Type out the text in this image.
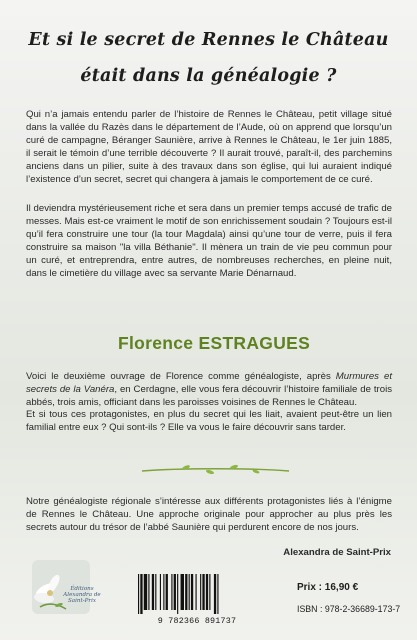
Et si le secret de Rennes le Château
était dans la généalogie ?

Qui n’a jamais entendu parler de l’histoire de Rennes le Château, petit village situé dans la vallée du Razès dans le département de l’Aude, où on apprend que lorsqu’un curé de campagne, Béranger Saunière, arrive à Rennes le Château, le 1er juin 1885, il serait le témoin d’une terrible découverte ? Il aurait trouvé, paraît-il, des parchemins anciens dans un pilier, suite à des travaux dans son église, qui lui auraient indiqué l’existence d’un secret, secret qui changera à jamais le comportement de ce curé.

Il deviendra mystérieusement riche et sera dans un premier temps accusé de trafic de messes. Mais est-ce vraiment le motif de son enrichissement soudain ? Toujours est-il qu’il fera construire une tour (la tour Magdala) ainsi qu’une tour de verre, puis il fera construire sa maison "la villa Béthanie". Il mènera un train de vie peu commun pour un curé, et entreprendra, entre autres, de nombreuses recherches, en pleine nuit, dans le cimetière du village avec sa servante Marie Dénarnaud.

Florence ESTRAGUES

Voici le deuxième ouvrage de Florence comme généalogiste, après Murmures et secrets de la Vanéra, en Cerdagne, elle vous fera découvrir l’histoire familiale de trois abbés, trois amis, officiant dans les paroisses voisines de Rennes le Château.

Et si tous ces protagonistes, en plus du secret qui les liait, avaient peut-être un lien familial entre eux ? Qui sont-ils ? Elle va vous le faire découvrir sans tarder.

Notre généalogiste régionale s’intéresse aux différents protagonistes liés à l’énigme de Rennes le Château. Une approche originale pour approcher au plus près les secrets autour du trésor de l’abbé Saunière qui perdurent encore de nos jours.

Alexandra de Saint-Prix
Éditions Alexandra de Saint-Prix
9 782366 891737
Prix : 16,90 €
ISBN : 978-2-36689-173-7
